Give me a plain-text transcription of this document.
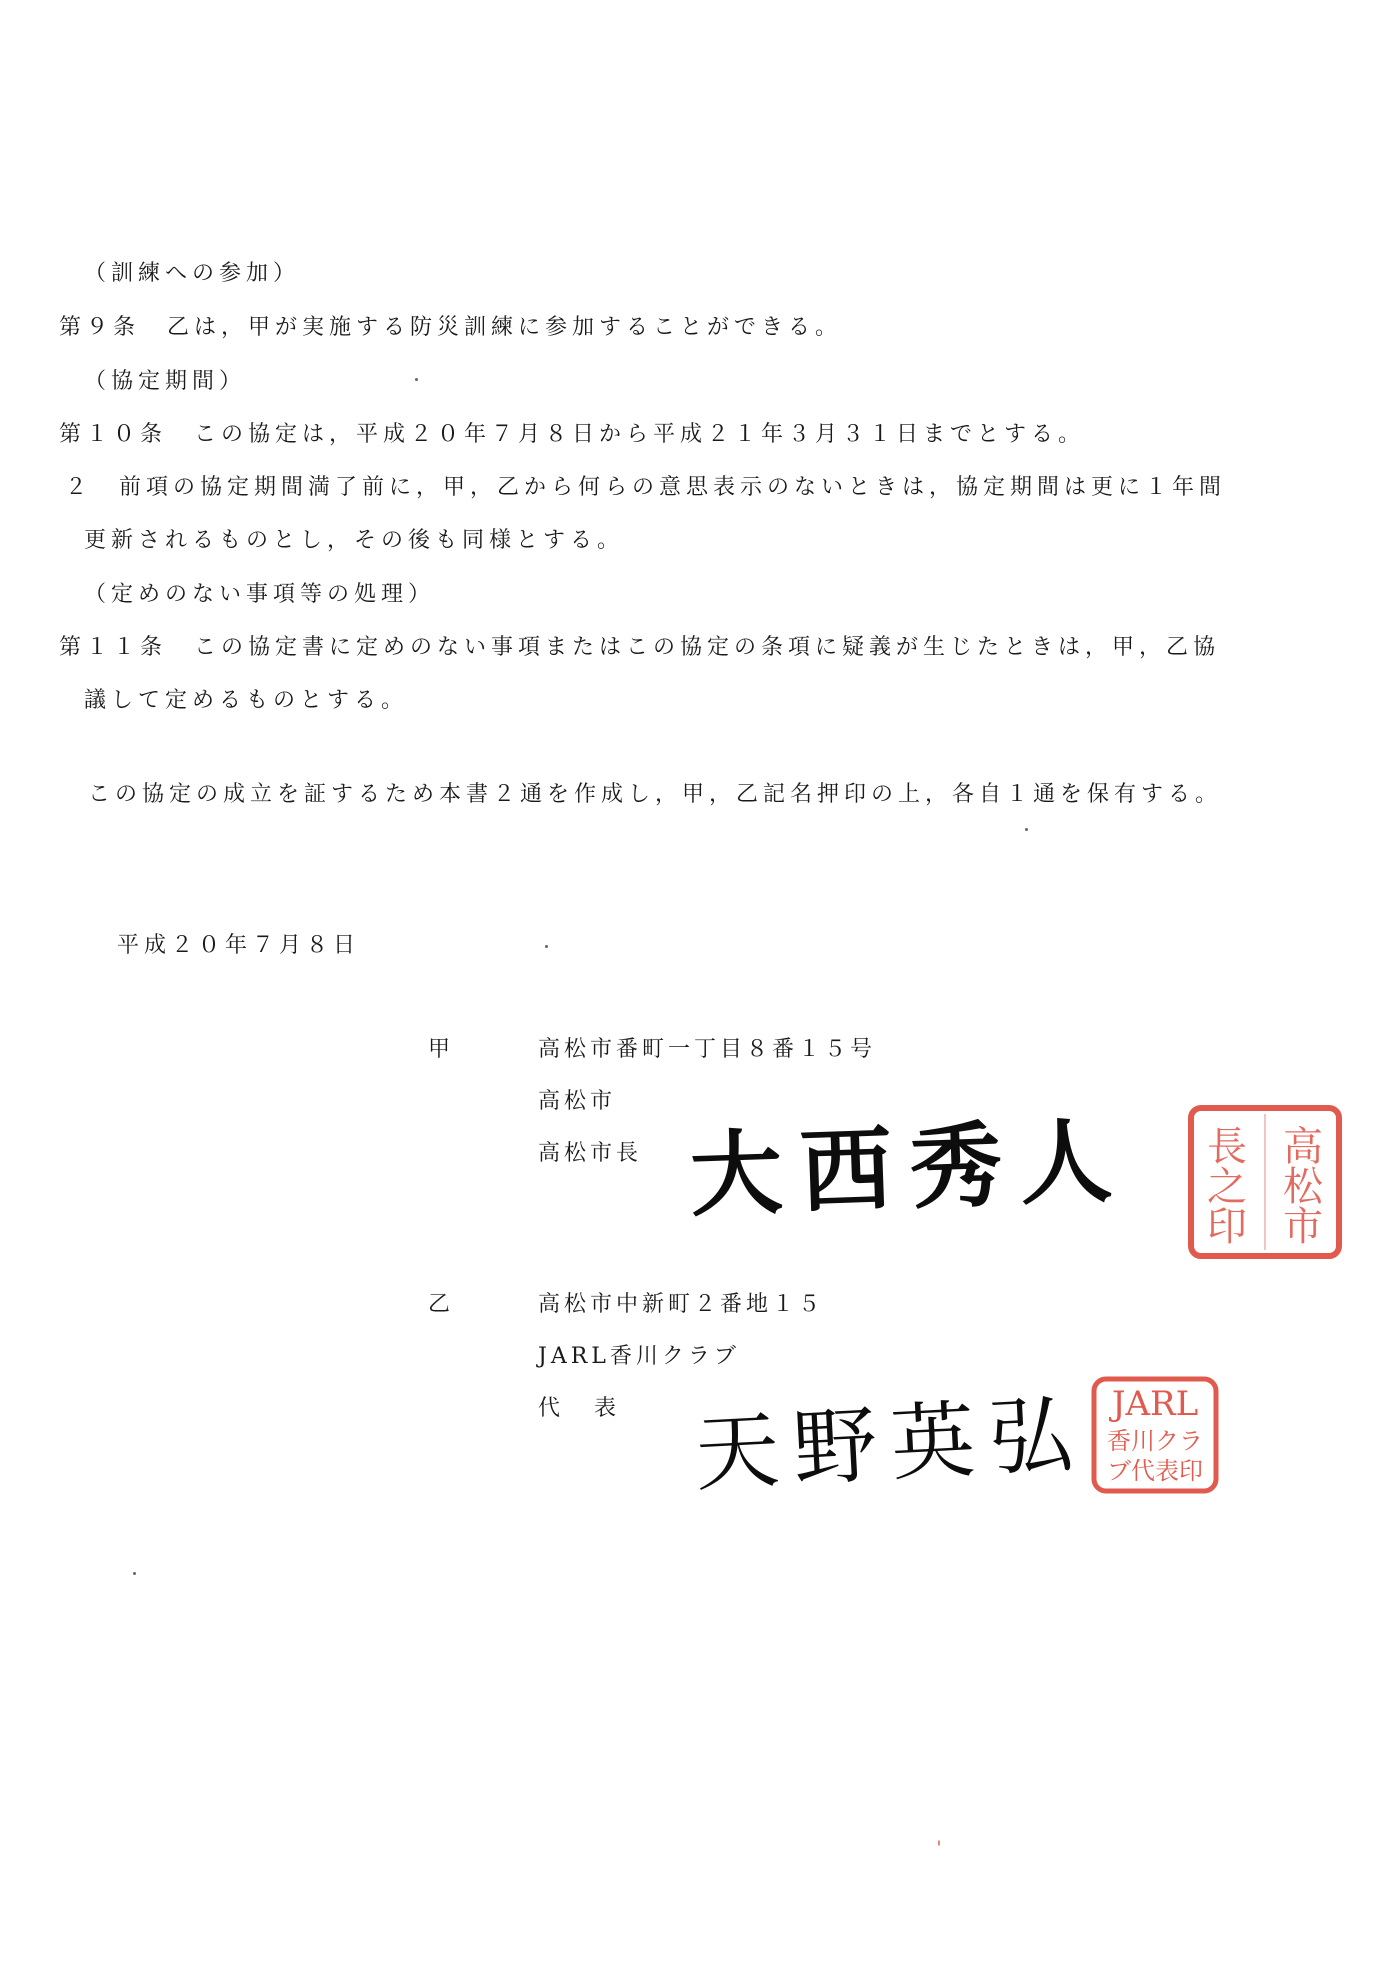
（訓練への参加）
第９条　乙は，甲が実施する防災訓練に参加することができる。
（協定期間）
第１０条　この協定は，平成２０年７月８日から平成２１年３月３１日までとする。
２　前項の協定期間満了前に，甲，乙から何らの意思表示のないときは，協定期間は更に１年間
更新されるものとし，その後も同様とする。
（定めのない事項等の処理）
第１１条　この協定書に定めのない事項またはこの協定の条項に疑義が生じたときは，甲，乙協
議して定めるものとする。
この協定の成立を証するため本書２通を作成し，甲，乙記名押印の上，各自１通を保有する。
平成２０年７月８日
甲	高松市番町一丁目８番１５号
高松市
高松市長 大西秀人	高
松
市
長
之
印
乙	高松市中新町２番地１５
JARL香川クラブ
代　表 天野英弘 JARL
香川クラ
ブ代表印
